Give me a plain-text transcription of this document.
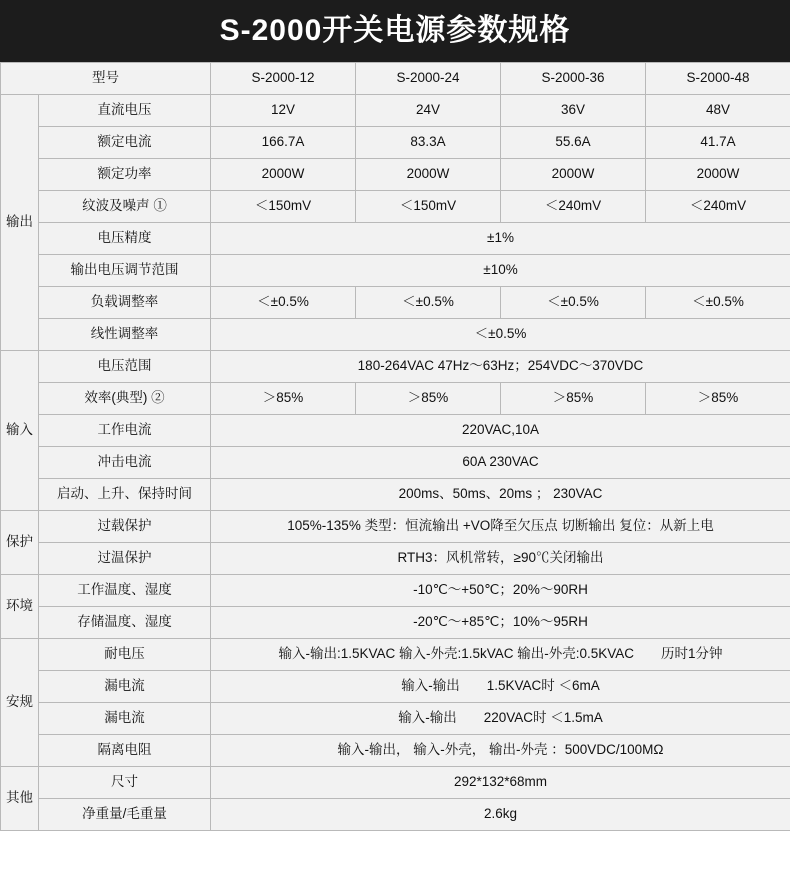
S-2000开关电源参数规格
型号		S-2000-12	S-2000-24	S-2000-36	S-2000-48
输出	直流电压	12V	24V	36V	48V
	额定电流	166.7A	83.3A	55.6A	41.7A
	额定功率	2000W	2000W	2000W	2000W
	纹波及噪声 ①	＜150mV	＜150mV	＜240mV	＜240mV
	电压精度	±1%			
	输出电压调节范围	±10%			
	负载调整率	＜±0.5%	＜±0.5%	＜±0.5%	＜±0.5%
	线性调整率	＜±0.5%			
输入	电压范围	180-264VAC 47Hz～63Hz；254VDC～370VDC			
	效率(典型) ②	＞85%	＞85%	＞85%	＞85%
	工作电流	220VAC,10A			
	冲击电流	60A 230VAC			
	启动、上升、保持时间	200ms、50ms、20ms ； 230VAC			
保护	过载保护	105%-135% 类型：恒流输出 +VO降至欠压点 切断输出 复位：从新上电			
	过温保护	RTH3：风机常转，≥90℃关闭输出			
环境	工作温度、湿度	-10℃～+50℃；20%～90RH			
	存储温度、湿度	-20℃～+85℃；10%～95RH			
安规	耐电压	输入-输出:1.5KVAC 输入-外壳:1.5kVAC 输出-外壳:0.5KVAC　　历时1分钟			
	漏电流	输入-输出　　1.5KVAC时 ＜6mA			
	漏电流	输入-输出　　220VAC时 ＜1.5mA			
	隔离电阻	输入-输出， 输入-外壳， 输出-外壳 ：500VDC/100MΩ			
其他	尺寸	292*132*68mm			
	净重量/毛重量	2.6kg			
